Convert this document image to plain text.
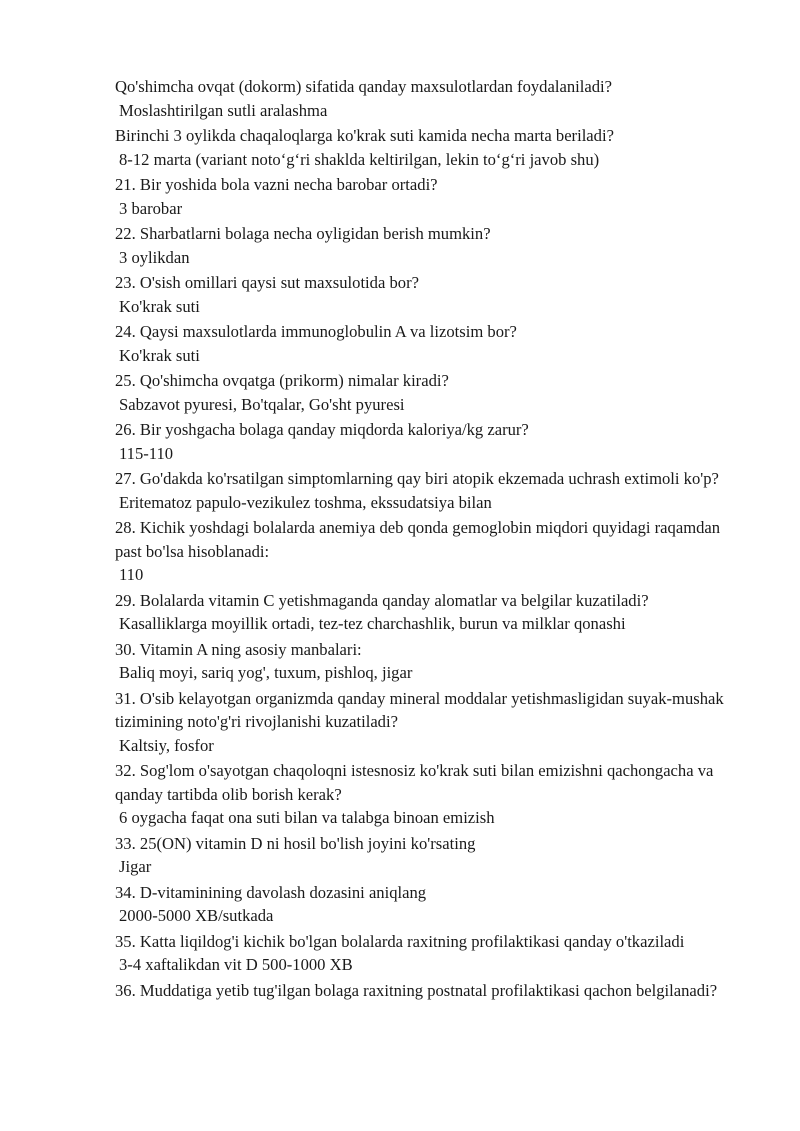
Qo'shimcha ovqat (dokorm) sifatida qanday maxsulotlardan foydalaniladi?

Moslashtirilgan sutli aralashma

Birinchi 3 oylikda chaqaloqlarga ko'krak suti kamida necha marta beriladi?

8-12 marta (variant noto‘g‘ri shaklda keltirilgan, lekin to‘g‘ri javob shu)

21. Bir yoshida bola vazni necha barobar ortadi?

3 barobar

22. Sharbatlarni bolaga necha oyligidan berish mumkin?

3 oylikdan

23. O'sish omillari qaysi sut maxsulotida bor?

Ko'krak suti

24. Qaysi maxsulotlarda immunoglobulin A va lizotsim bor?

Ko'krak suti

25. Qo'shimcha ovqatga (prikorm) nimalar kiradi?

Sabzavot pyuresi, Bo'tqalar, Go'sht pyuresi

26. Bir yoshgacha bolaga qanday miqdorda kaloriya/kg zarur?

115-110

27. Go'dakda ko'rsatilgan simptomlarning qay biri atopik ekzemada uchrash extimoli ko'p?

Eritematoz papulo-vezikulez toshma, ekssudatsiya bilan

28. Kichik yoshdagi bolalarda anemiya deb qonda gemoglobin miqdori quyidagi raqamdan past bo'lsa hisoblanadi:

110

29. Bolalarda vitamin C yetishmaganda qanday alomatlar va belgilar kuzatiladi?

Kasalliklarga moyillik ortadi, tez-tez charchashlik, burun va milklar qonashi

30. Vitamin A ning asosiy manbalari:

Baliq moyi, sariq yog', tuxum, pishloq, jigar

31. O'sib kelayotgan organizmda qanday mineral moddalar yetishmasligidan suyak-mushak tizimining noto'g'ri rivojlanishi kuzatiladi?

Kaltsiy, fosfor

32. Sog'lom o'sayotgan chaqoloqni istesnosiz ko'krak suti bilan emizishni qachongacha va qanday tartibda olib borish kerak?

6 oygacha faqat ona suti bilan va talabga binoan emizish

33. 25(ON) vitamin D ni hosil bo'lish joyini ko'rsating

Jigar

34. D-vitaminining davolash dozasini aniqlang

2000-5000 XB/sutkada

35. Katta liqildog'i kichik bo'lgan bolalarda raxitning profilaktikasi qanday o'tkaziladi

3-4 xaftalikdan vit D 500-1000 XB

36. Muddatiga yetib tug'ilgan bolaga raxitning postnatal profilaktikasi qachon belgilanadi?
